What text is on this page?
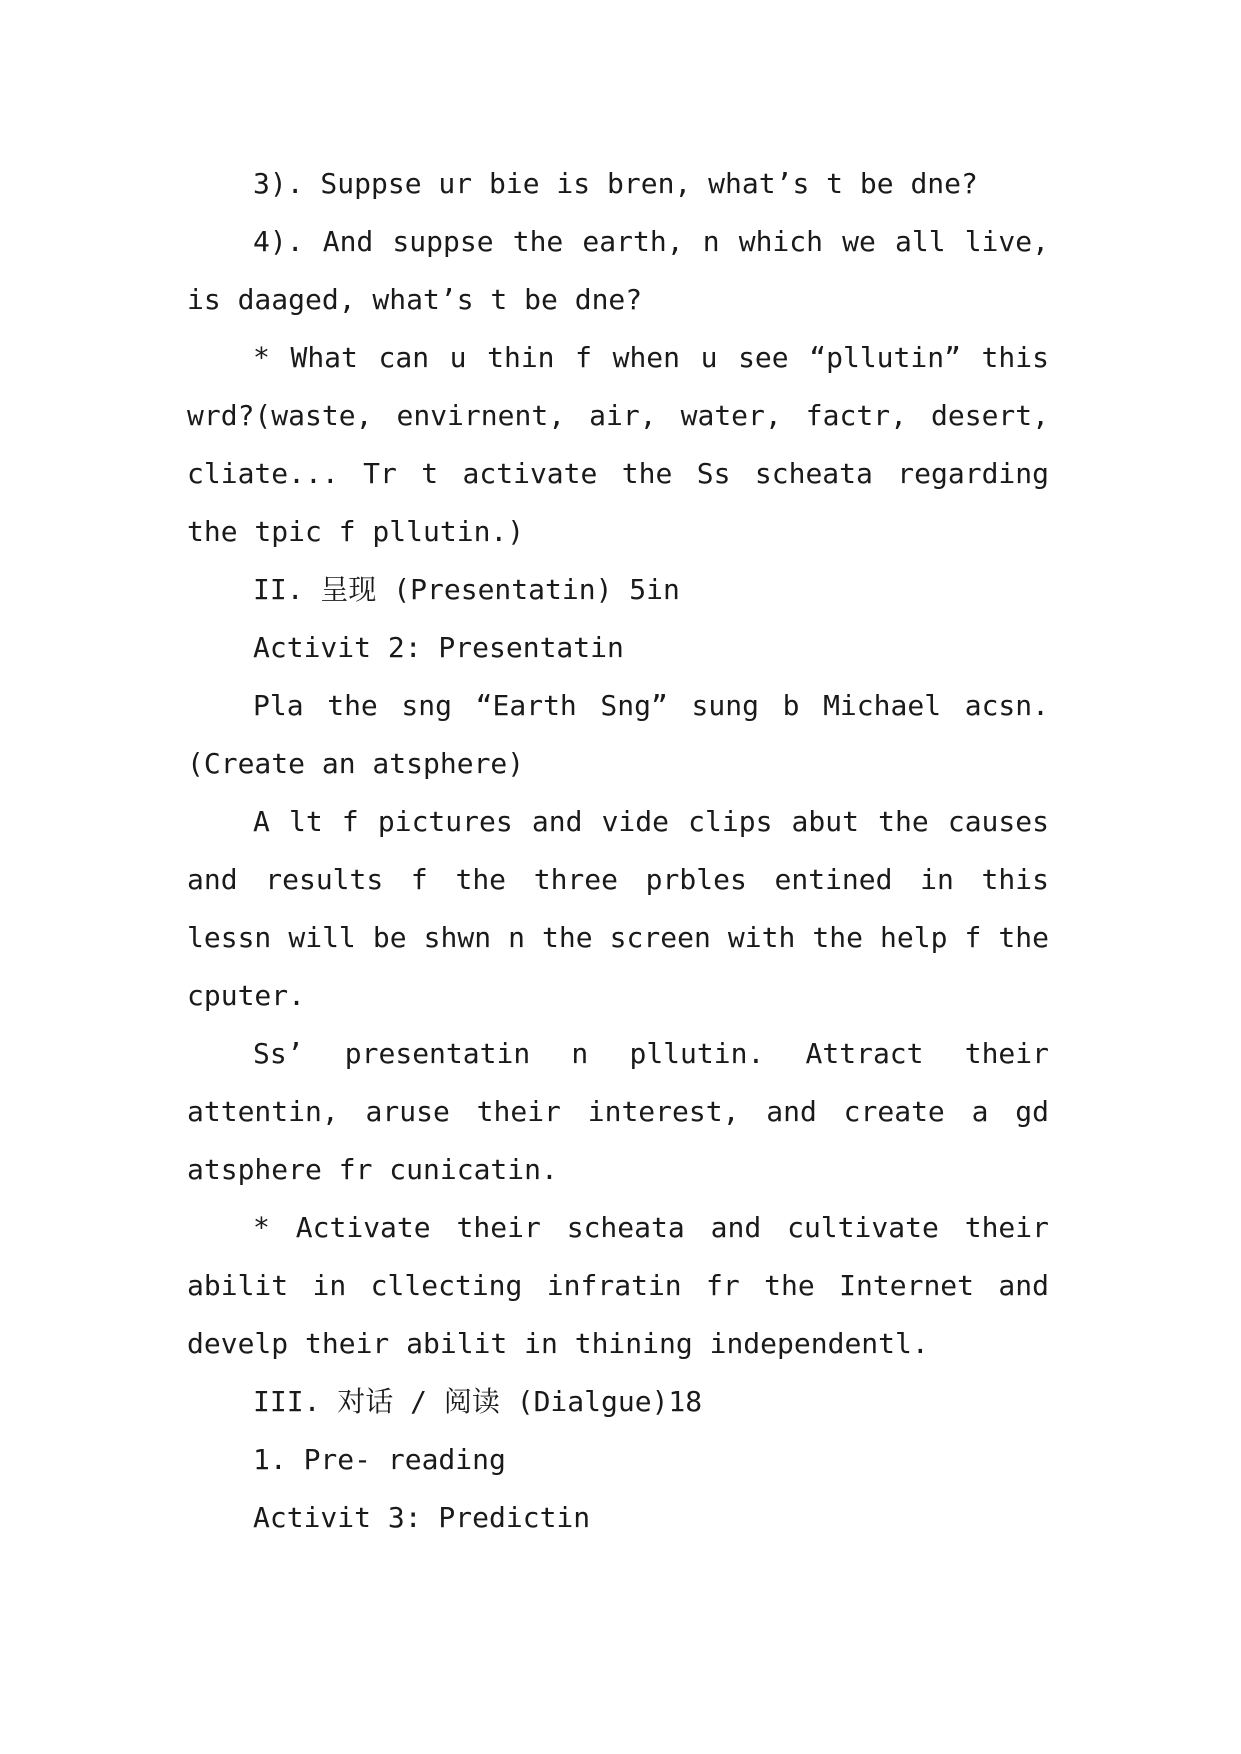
3). Suppse ur bie is bren, what’s t be dne?

4). And suppse the earth, n which we all live, is daaged, what’s t be dne?

* What can u thin f when u see “pllutin” this wrd?(waste, envirnent, air, water, factr, desert, cliate... Tr t activate the Ss scheata regarding the tpic f pllutin.)

II. 呈现 (Presentatin) 5in

Activit 2: Presentatin

Pla the sng “Earth Sng” sung b Michael acsn. (Create an atsphere)

A lt f pictures and vide clips abut the causes and results f the three prbles entined in this lessn will be shwn n the screen with the help f the cputer.

Ss’ presentatin n pllutin. Attract their attentin, aruse their interest, and create a gd atsphere fr cunicatin.

* Activate their scheata and cultivate their abilit in cllecting infratin fr the Internet and develp their abilit in thining independentl.

III. 对话 / 阅读 (Dialgue)18

1. Pre- reading

Activit 3: Predictin
